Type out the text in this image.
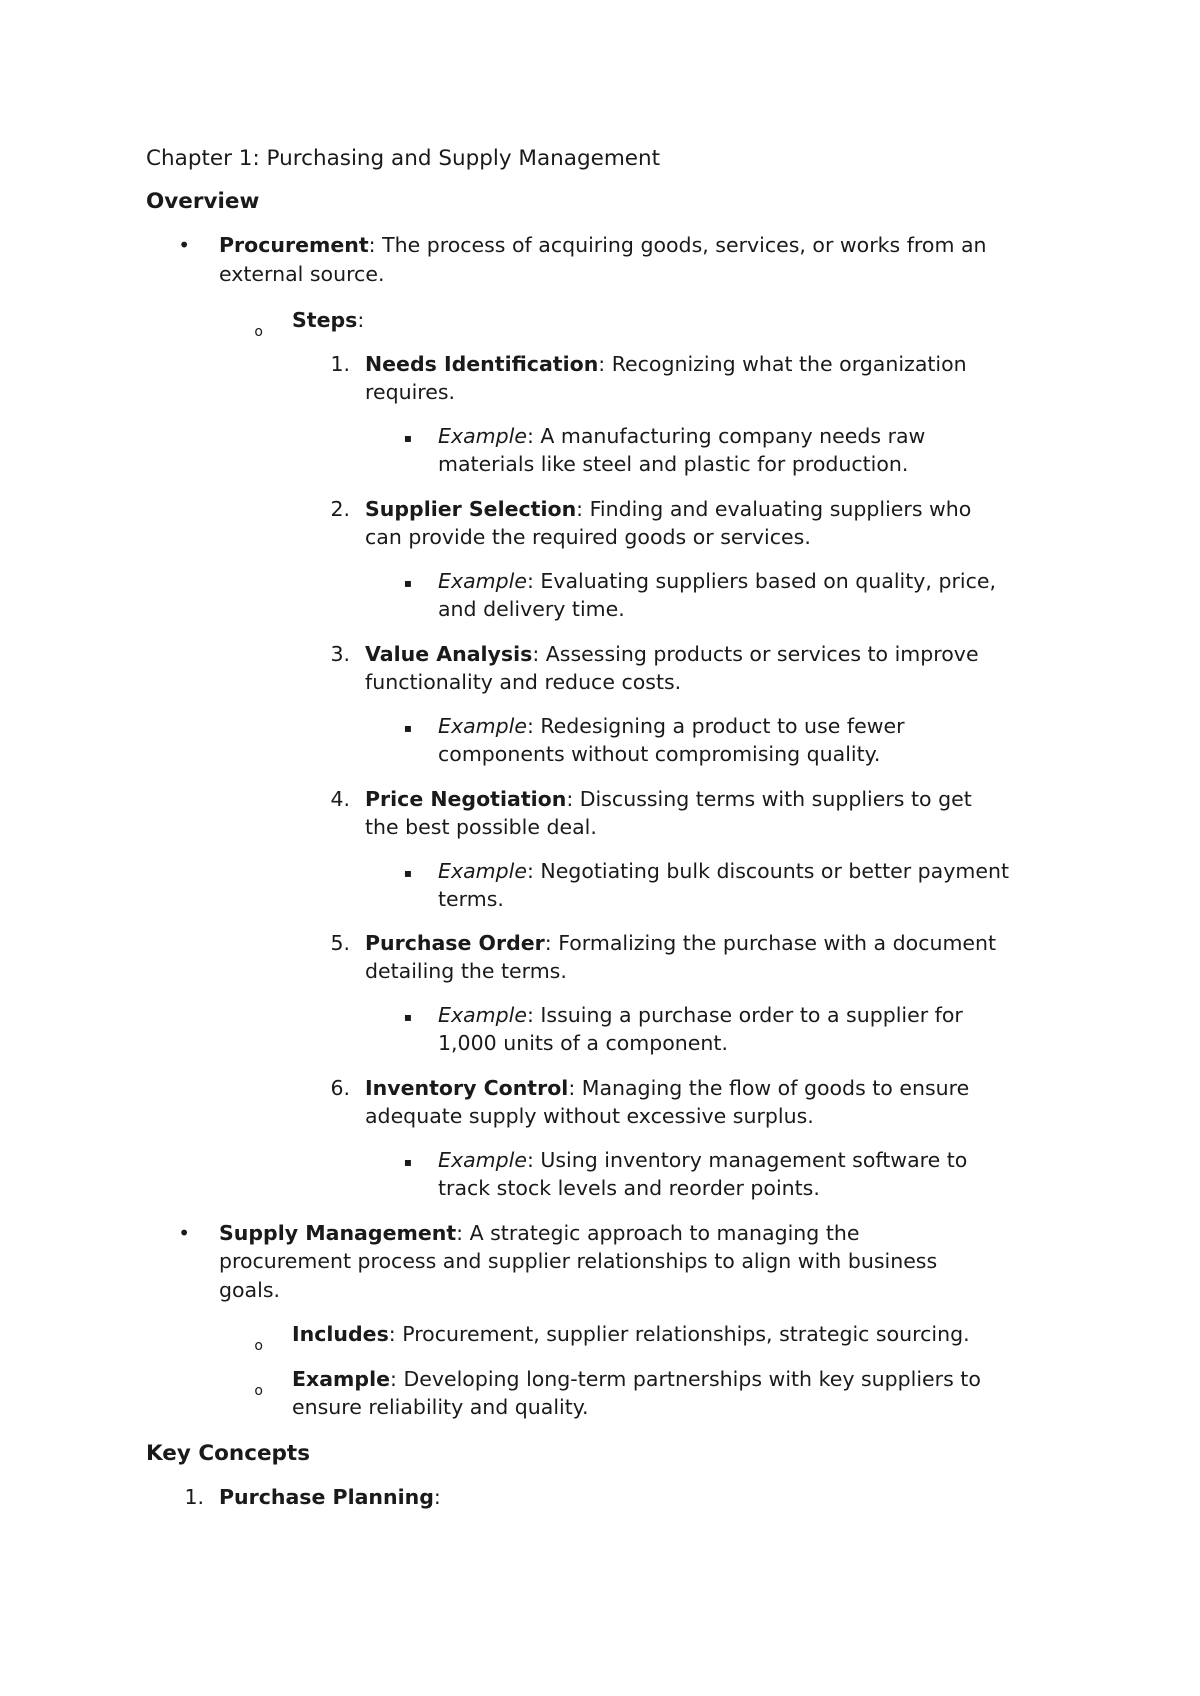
Chapter 1: Purchasing and Supply Management

Overview

• Procurement: The process of acquiring goods, services, or works from an

external source.

o Steps:

1. Needs Identification: Recognizing what the organization

requires.

▪ Example: A manufacturing company needs raw

materials like steel and plastic for production.

2. Supplier Selection: Finding and evaluating suppliers who

can provide the required goods or services.

▪ Example: Evaluating suppliers based on quality, price,

and delivery time.

3. Value Analysis: Assessing products or services to improve

functionality and reduce costs.

▪ Example: Redesigning a product to use fewer

components without compromising quality.

4. Price Negotiation: Discussing terms with suppliers to get

the best possible deal.

▪ Example: Negotiating bulk discounts or better payment

terms.

5. Purchase Order: Formalizing the purchase with a document

detailing the terms.

▪ Example: Issuing a purchase order to a supplier for

1,000 units of a component.

6. Inventory Control: Managing the flow of goods to ensure

adequate supply without excessive surplus.

▪ Example: Using inventory management software to

track stock levels and reorder points.

• Supply Management: A strategic approach to managing the

procurement process and supplier relationships to align with business

goals.

o Includes: Procurement, supplier relationships, strategic sourcing.

o Example: Developing long-term partnerships with key suppliers to

ensure reliability and quality.

Key Concepts

1. Purchase Planning:
